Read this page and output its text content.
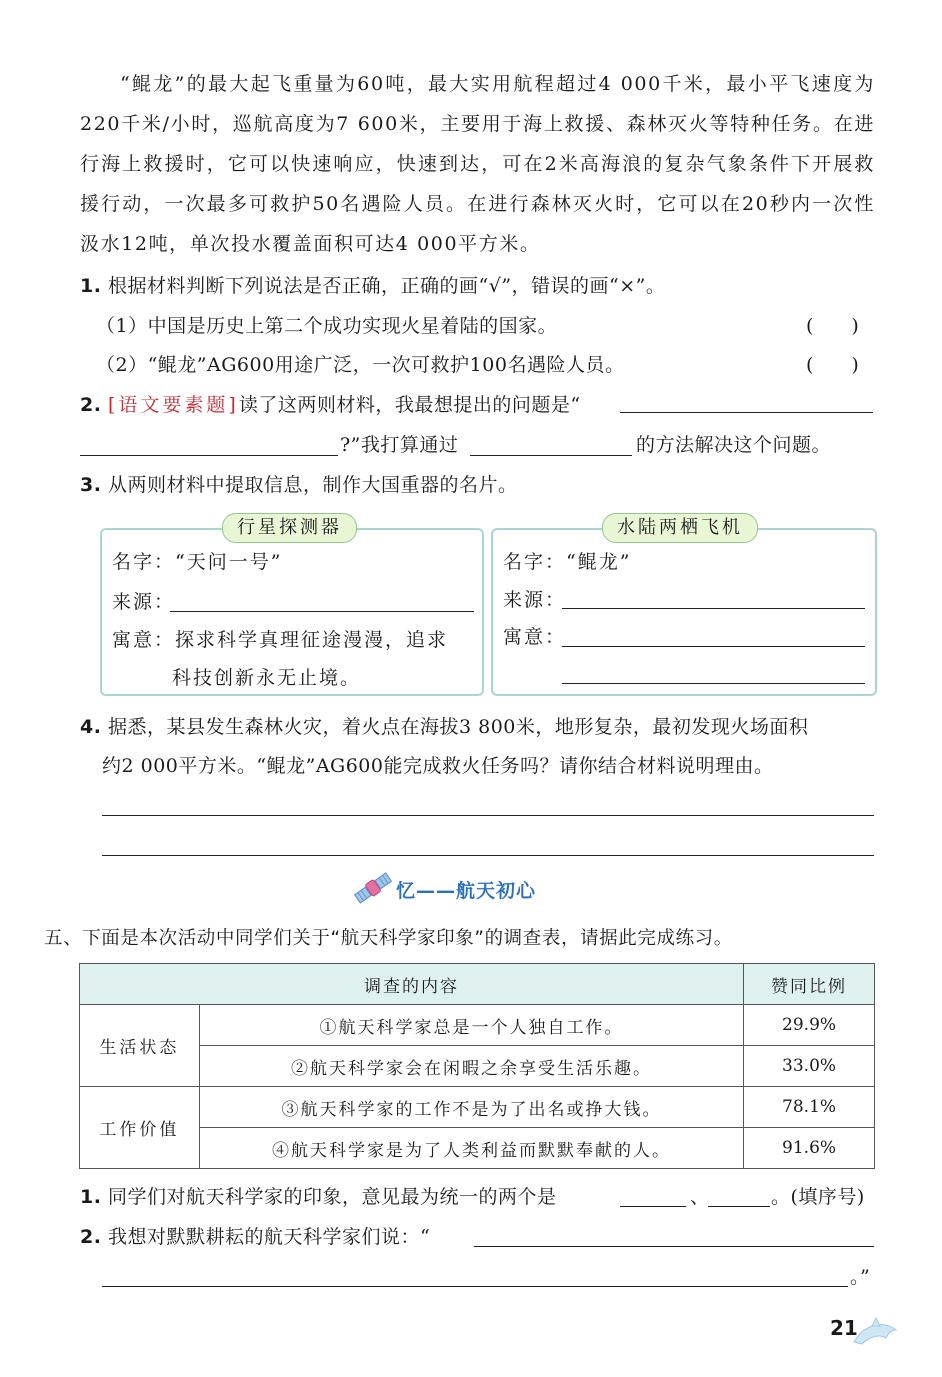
“鲲龙”的最大起飞重量为60吨，最大实用航程超过4 000千米，最小平飞速度为220千米/小时，巡航高度为7 600米，主要用于海上救援、森林灭火等特种任务。在进行海上救援时，它可以快速响应，快速到达，可在2米高海浪的复杂气象条件下开展救援行动，一次最多可救护50名遇险人员。在进行森林灭火时，它可以在20秒内一次性汲水12吨，单次投水覆盖面积可达4 000平方米。
1. 根据材料判断下列说法是否正确，正确的画“√”，错误的画“×”。
（1）中国是历史上第二个成功实现火星着陆的国家。	(　　)
（2）“鲲龙”AG600用途广泛，一次可救护100名遇险人员。	(　　)
2. [语文要素题]读了这两则材料，我最想提出的问题是“
?”我打算通过	的方法解决这个问题。
3. 从两则材料中提取信息，制作大国重器的名片。
行星探测器
名字：“天问一号”
来源：
寓意：探求科学真理征途漫漫，追求
科技创新永无止境。
水陆两栖飞机
名字：“鲲龙”
来源：
寓意：
4. 据悉，某县发生森林火灾，着火点在海拔3 800米，地形复杂，最初发现火场面积
约2 000平方米。“鲲龙”AG600能完成救火任务吗？请你结合材料说明理由。
忆——航天初心
五、下面是本次活动中同学们关于“航天科学家印象”的调查表，请据此完成练习。
调查的内容		赞同比例
生活状态	①航天科学家总是一个人独自工作。	29.9%
	②航天科学家会在闲暇之余享受生活乐趣。	33.0%
工作价值	③航天科学家的工作不是为了出名或挣大钱。	78.1%
	④航天科学家是为了人类利益而默默奉献的人。	91.6%
1. 同学们对航天科学家的印象，意见最为统一的两个是	、	。(填序号)
2. 我想对默默耕耘的航天科学家们说：“
。”
21
